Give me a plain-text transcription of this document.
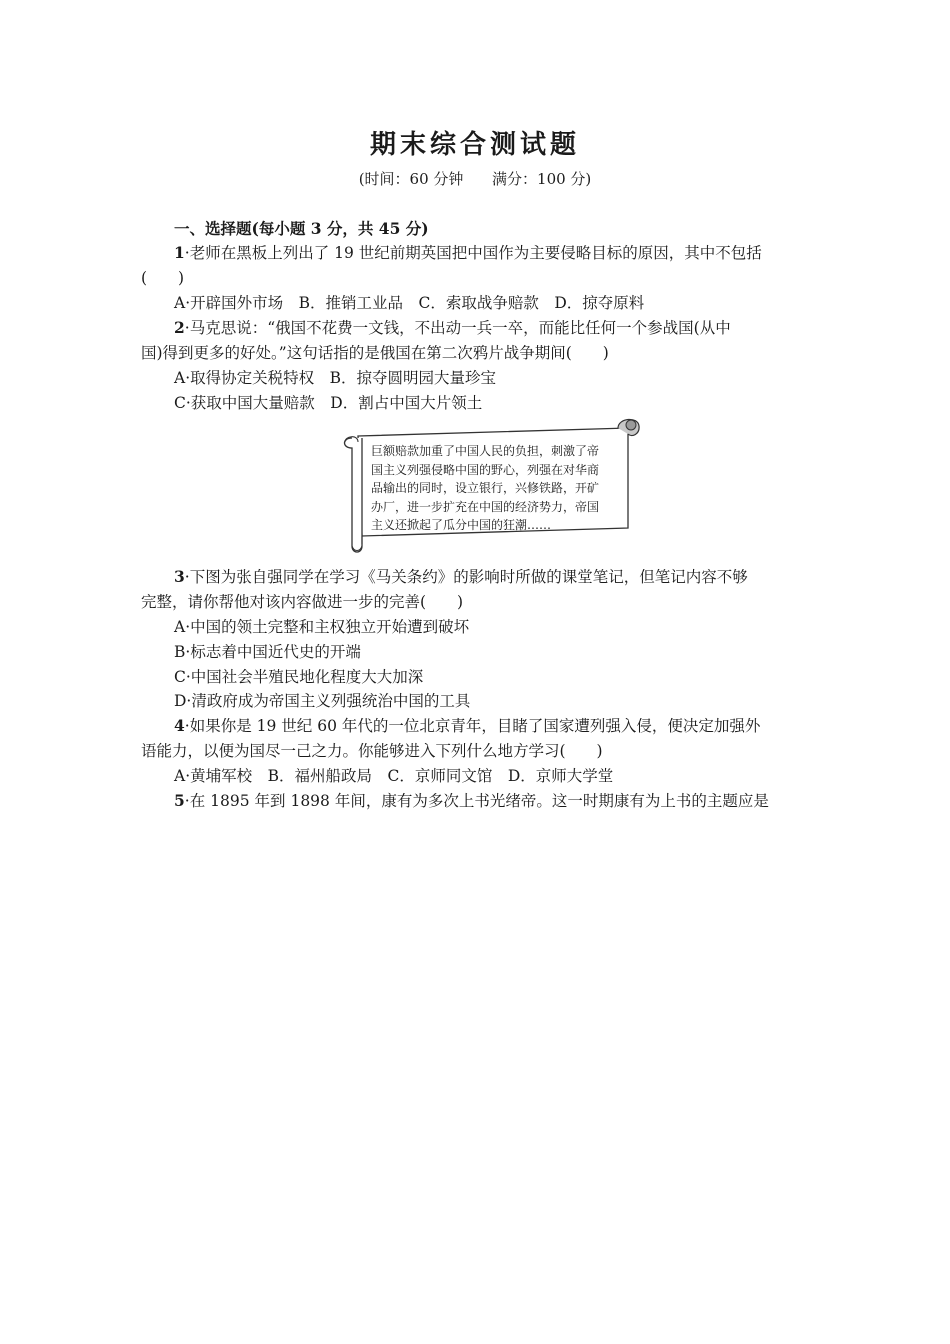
期末综合测试题
(时间：60 分钟      满分：100 分)
一、选择题(每小题 3 分，共 45 分)
1·老师在黑板上列出了 19 世纪前期英国把中国作为主要侵略目标的原因，其中不包括
(　　)
A·开辟国外市场　B．推销工业品　C．索取战争赔款　D．掠夺原料
2·马克思说：“俄国不花费一文钱，不出动一兵一卒，而能比任何一个参战国(从中
国)得到更多的好处。”这句话指的是俄国在第二次鸦片战争期间(　　)
A·取得协定关税特权　B．掠夺圆明园大量珍宝
C·获取中国大量赔款　D．割占中国大片领土
巨额赔款加重了中国人民的负担，刺激了帝
国主义列强侵略中国的野心，列强在对华商
品输出的同时，设立银行，兴修铁路，开矿
办厂，进一步扩充在中国的经济势力，帝国
主义还掀起了瓜分中国的狂潮……
3·下图为张自强同学在学习《马关条约》的影响时所做的课堂笔记，但笔记内容不够
完整，请你帮他对该内容做进一步的完善(　　)
A·中国的领土完整和主权独立开始遭到破坏
B·标志着中国近代史的开端
C·中国社会半殖民地化程度大大加深
D·清政府成为帝国主义列强统治中国的工具
4·如果你是 19 世纪 60 年代的一位北京青年，目睹了国家遭列强入侵，便决定加强外
语能力，以便为国尽一己之力。你能够进入下列什么地方学习(　　)
A·黄埔军校　B．福州船政局　C．京师同文馆　D．京师大学堂
5·在 1895 年到 1898 年间，康有为多次上书光绪帝。这一时期康有为上书的主题应是
